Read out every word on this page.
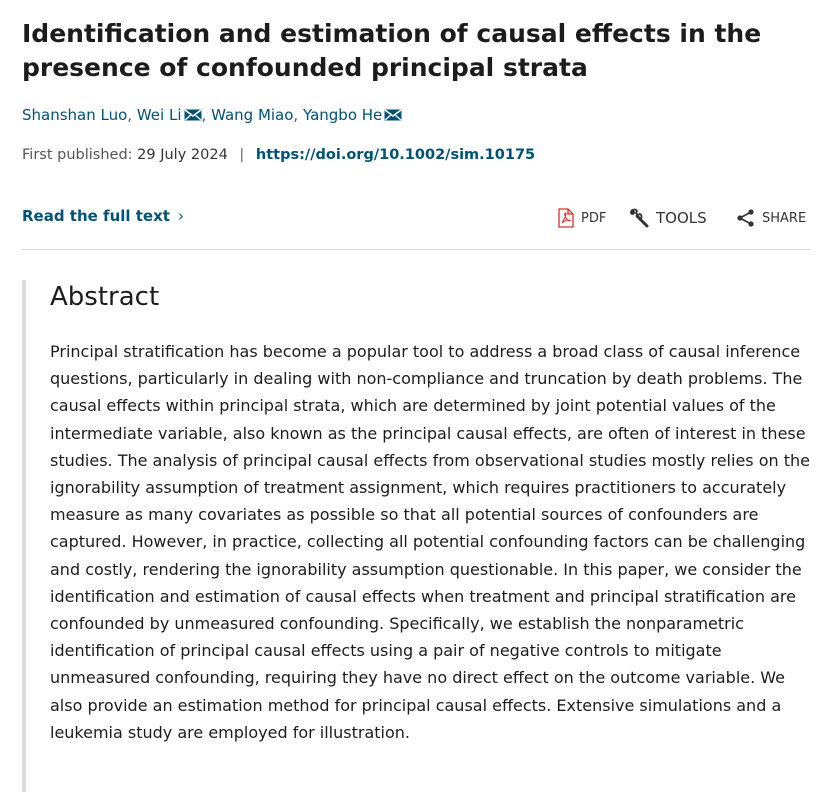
Identification and estimation of causal effects in the presence of confounded principal strata
Shanshan Luo, Wei Li , Wang Miao, Yangbo He
First published: 29 July 2024 | https://doi.org/10.1002/sim.10175
Read the full text ›	PDF	TOOLS	SHARE
Abstract

Principal stratification has become a popular tool to address a broad class of causal inference questions, particularly in dealing with non-compliance and truncation by death problems. The causal effects within principal strata, which are determined by joint potential values of the intermediate variable, also known as the principal causal effects, are often of interest in these studies. The analysis of principal causal effects from observational studies mostly relies on the ignorability assumption of treatment assignment, which requires practitioners to accurately measure as many covariates as possible so that all potential sources of confounders are captured. However, in practice, collecting all potential confounding factors can be challenging and costly, rendering the ignorability assumption questionable. In this paper, we consider the identification and estimation of causal effects when treatment and principal stratification are confounded by unmeasured confounding. Specifically, we establish the nonparametric identification of principal causal effects using a pair of negative controls to mitigate unmeasured confounding, requiring they have no direct effect on the outcome variable. We also provide an estimation method for principal causal effects. Extensive simulations and a leukemia study are employed for illustration.
